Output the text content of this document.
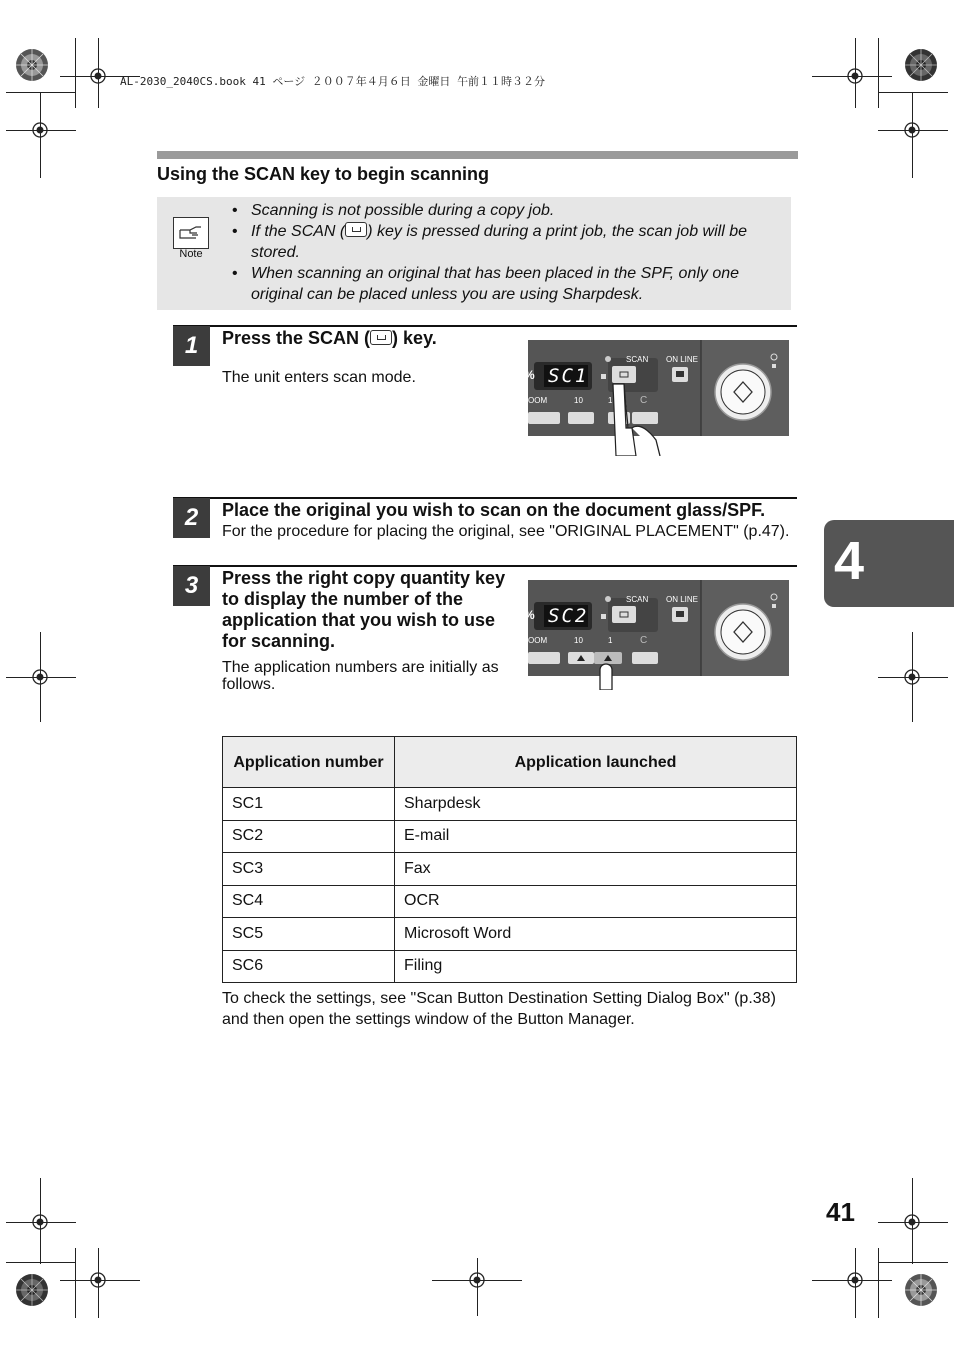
AL-2030_2040CS.book 41 ページ ２００７年４月６日 金曜日 午前１１時３２分
Using the SCAN key to begin scanning
Note
• Scanning is not possible during a copy job.
• If the SCAN ( ) key is pressed during a print job, the scan job will be stored.
• When scanning an original that has been placed in the SPF, only one original can be placed unless you are using Sharpdesk.
1	Press the SCAN ( ) key.
The unit enters scan mode.	% SC1
SCAN ON LINE
OOM	10	1	C
2	Place the original you wish to scan on the document glass/SPF.
For the procedure for placing the original, see "ORIGINAL PLACEMENT" (p.47).
3	Press the right copy quantity key to display the number of the application that you wish to use for scanning.
The application numbers are initially as follows.
% SC2
SCAN ON LINE
OOM	10	1	C
4
Application number	Application launched
SC1	Sharpdesk
SC2	E-mail
SC3	Fax
SC4	OCR
SC5	Microsoft Word
SC6	Filing
To check the settings, see "Scan Button Destination Setting Dialog Box" (p.38) and then open the settings window of the Button Manager.
41
